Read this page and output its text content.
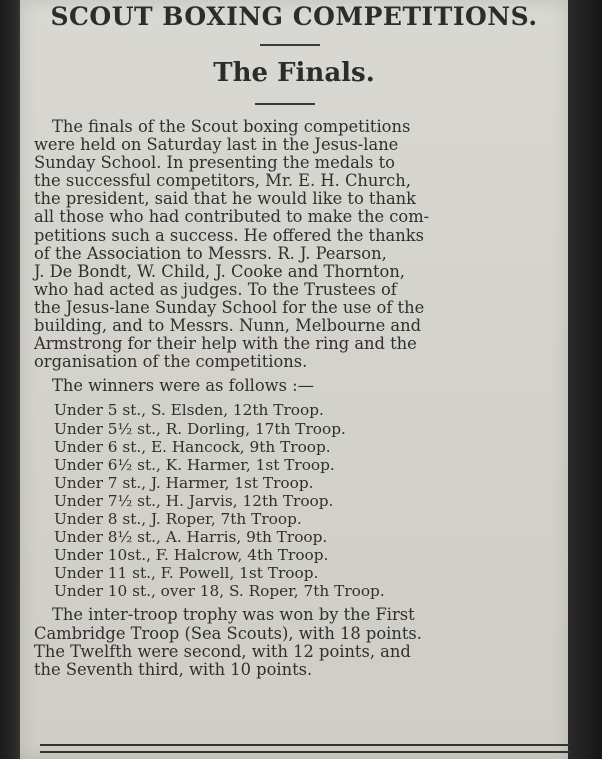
SCOUT BOXING COMPETITIONS.
The Finals.
The finals of the Scout boxing competitions
were held on Saturday last in the Jesus-lane
Sunday School. In presenting the medals to
the successful competitors, Mr. E. H. Church,
the president, said that he would like to thank
all those who had contributed to make the com-
petitions such a success. He offered the thanks
of the Association to Messrs. R. J. Pearson,
J. De Bondt, W. Child, J. Cooke and Thornton,
who had acted as judges. To the Trustees of
the Jesus-lane Sunday School for the use of the
building, and to Messrs. Nunn, Melbourne and
Armstrong for their help with the ring and the
organisation of the competitions.
The winners were as follows :—
Under 5 st., S. Elsden, 12th Troop.
Under 5½ st., R. Dorling, 17th Troop.
Under 6 st., E. Hancock, 9th Troop.
Under 6½ st., K. Harmer, 1st Troop.
Under 7 st., J. Harmer, 1st Troop.
Under 7½ st., H. Jarvis, 12th Troop.
Under 8 st., J. Roper, 7th Troop.
Under 8½ st., A. Harris, 9th Troop.
Under 10st., F. Halcrow, 4th Troop.
Under 11 st., F. Powell, 1st Troop.
Under 10 st., over 18, S. Roper, 7th Troop.
The inter-troop trophy was won by the First
Cambridge Troop (Sea Scouts), with 18 points.
The Twelfth were second, with 12 points, and
the Seventh third, with 10 points.
